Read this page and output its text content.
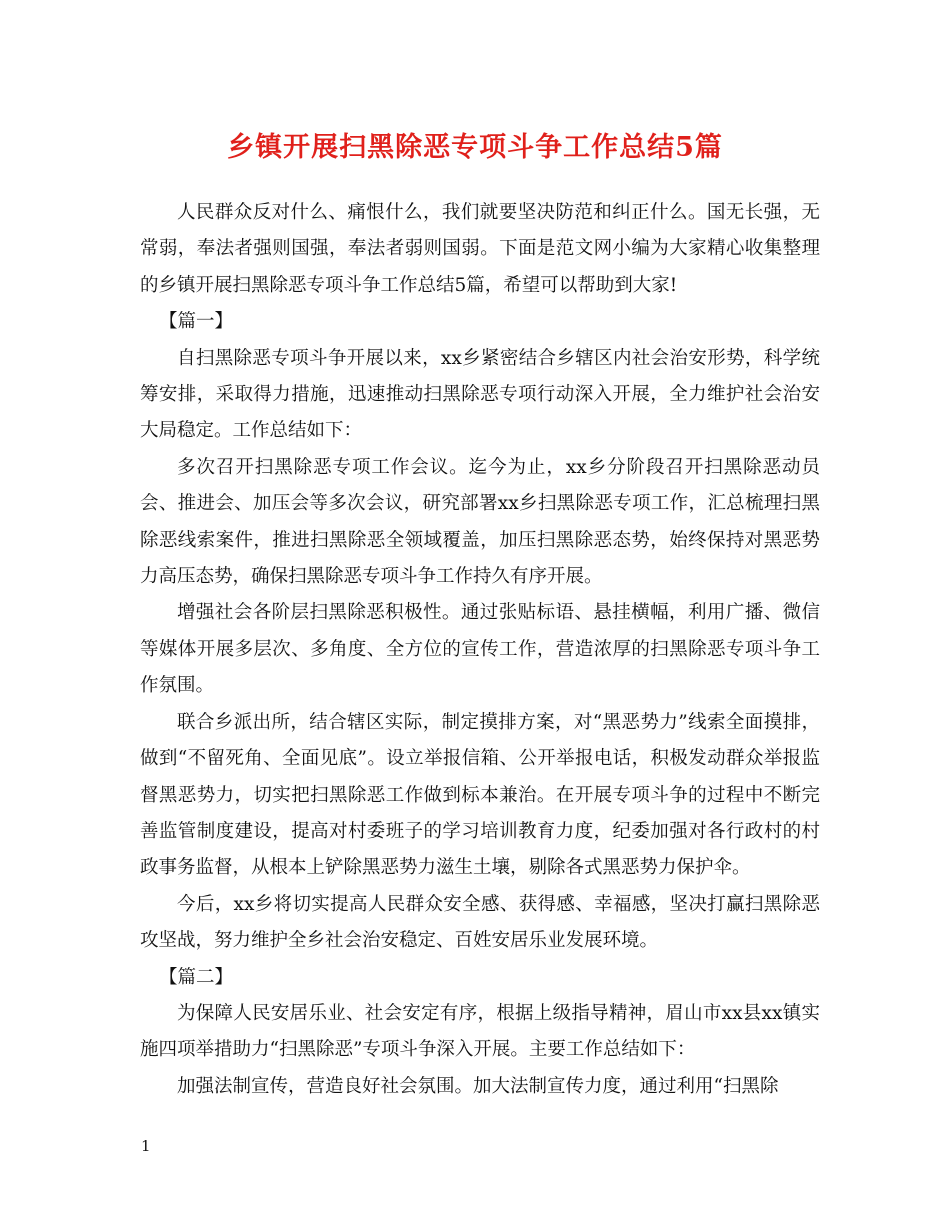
乡镇开展扫黑除恶专项斗争工作总结5篇

人民群众反对什么、痛恨什么，我们就要坚决防范和纠正什么。国无长强，无常弱，奉法者强则国强，奉法者弱则国弱。下面是范文网小编为大家精心收集整理的乡镇开展扫黑除恶专项斗争工作总结5篇，希望可以帮助到大家!

【篇一】

自扫黑除恶专项斗争开展以来，xx乡紧密结合乡辖区内社会治安形势，科学统筹安排，采取得力措施，迅速推动扫黑除恶专项行动深入开展，全力维护社会治安大局稳定。工作总结如下：

多次召开扫黑除恶专项工作会议。迄今为止，xx乡分阶段召开扫黑除恶动员会、推进会、加压会等多次会议，研究部署xx乡扫黑除恶专项工作，汇总梳理扫黑除恶线索案件，推进扫黑除恶全领域覆盖，加压扫黑除恶态势，始终保持对黑恶势力高压态势，确保扫黑除恶专项斗争工作持久有序开展。

增强社会各阶层扫黑除恶积极性。通过张贴标语、悬挂横幅，利用广播、微信等媒体开展多层次、多角度、全方位的宣传工作，营造浓厚的扫黑除恶专项斗争工作氛围。

联合乡派出所，结合辖区实际，制定摸排方案，对“黑恶势力”线索全面摸排，做到“不留死角、全面见底”。设立举报信箱、公开举报电话，积极发动群众举报监督黑恶势力，切实把扫黑除恶工作做到标本兼治。在开展专项斗争的过程中不断完善监管制度建设，提高对村委班子的学习培训教育力度，纪委加强对各行政村的村政事务监督，从根本上铲除黑恶势力滋生土壤，剔除各式黑恶势力保护伞。

今后，xx乡将切实提高人民群众安全感、获得感、幸福感，坚决打赢扫黑除恶攻坚战，努力维护全乡社会治安稳定、百姓安居乐业发展环境。

【篇二】

为保障人民安居乐业、社会安定有序，根据上级指导精神，眉山市xx县xx镇实施四项举措助力“扫黑除恶”专项斗争深入开展。主要工作总结如下：

加强法制宣传，营造良好社会氛围。加大法制宣传力度，通过利用“扫黑除

1
